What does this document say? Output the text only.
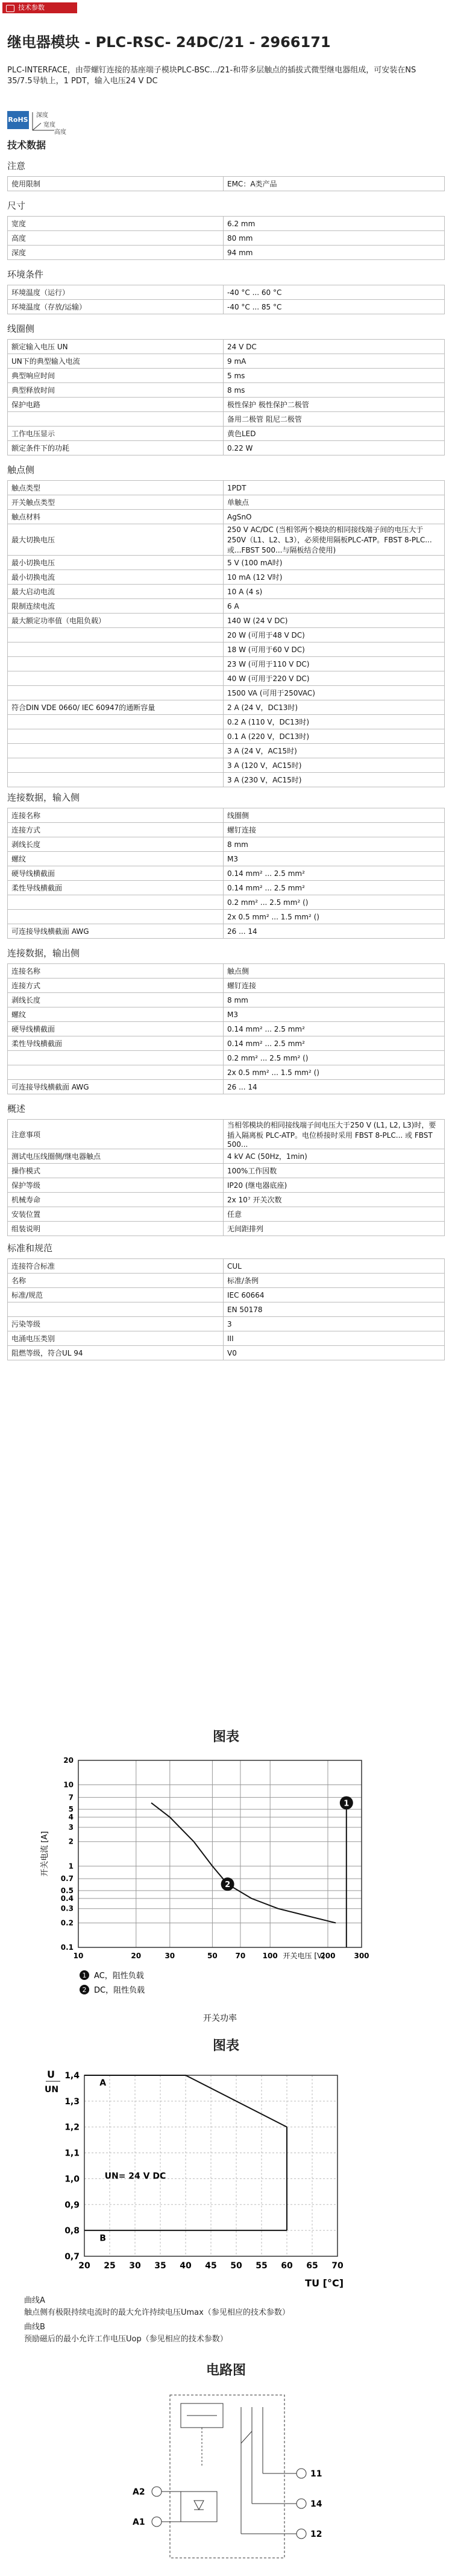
技术参数
继电器模块 - PLC-RSC- 24DC/21 - 2966171
PLC-INTERFACE，由带螺钉连接的基座端子模块PLC-BSC.../21-和带多层触点的插拔式微型继电器组成，可安装在NS 35/7.5导轨上，1 PDT，输入电压24 V DC
RoHS
深度
宽度
高度
技术数据
注意
使用限制	EMC：A类产品
尺寸
宽度	6.2 mm
高度	80 mm
深度	94 mm
环境条件
环境温度（运行）	-40 °C ... 60 °C
环境温度（存放/运输）	-40 °C ... 85 °C
线圈侧
额定输入电压 UN	24 V DC
UN下的典型输入电流	9 mA
典型响应时间	5 ms
典型释放时间	8 ms
保护电路	极性保护 极性保护二极管
	备用二极管 阻尼二极管
工作电压显示	黄色LED
额定条件下的功耗	0.22 W
触点侧
触点类型	1PDT
开关触点类型	单触点
触点材料	AgSnO
最大切换电压	250 V AC/DC (当相邻两个模块的相同接线端子间的电压大于250V（L1、L2、L3），必须使用隔板PLC-ATP。FBST 8-PLC... 或...FBST 500...与隔板结合使用)
最小切换电压	5 V (100 mA时)
最小切换电流	10 mA (12 V时)
最大启动电流	10 A (4 s)
限制连续电流	6 A
最大额定功率值（电阻负载）	140 W (24 V DC)
	20 W (可用于48 V DC)
	18 W (可用于60 V DC)
	23 W (可用于110 V DC)
	40 W (可用于220 V DC)
	1500 VA (可用于250VAC)
符合DIN VDE 0660/ IEC 60947的通断容量	2 A (24 V，DC13时)
	0.2 A (110 V，DC13时)
	0.1 A (220 V，DC13时)
	3 A (24 V，AC15时)
	3 A (120 V，AC15时)
	3 A (230 V，AC15时)
连接数据，输入侧
连接名称	线圈侧
连接方式	螺钉连接
剥线长度	8 mm
螺纹	M3
硬导线横截面	0.14 mm² ... 2.5 mm²
柔性导线横截面	0.14 mm² ... 2.5 mm²
	0.2 mm² ... 2.5 mm² ()
	2x 0.5 mm² ... 1.5 mm² ()
可连接导线横截面 AWG	26 ... 14
连接数据，输出侧
连接名称	触点侧
连接方式	螺钉连接
剥线长度	8 mm
螺纹	M3
硬导线横截面	0.14 mm² ... 2.5 mm²
柔性导线横截面	0.14 mm² ... 2.5 mm²
	0.2 mm² ... 2.5 mm² ()
	2x 0.5 mm² ... 1.5 mm² ()
可连接导线横截面 AWG	26 ... 14
概述
注意事项	当相邻模块的相同接线端子间电压大于250 V (L1, L2, L3)时，要插入隔离板 PLC-ATP。电位桥接时采用 FBST 8-PLC... 或 FBST 500...
测试电压线圈侧/继电器触点	4 kV AC (50Hz，1min)
操作模式	100%工作因数
保护等级	IP20 (继电器底座)
机械寿命	2x 10⁷ 开关次数
安装位置	任意
组装说明	无间距排列
标准和规范
连接符合标准	CUL
名称	标准/条例
标准/规范	IEC 60664
	EN 50178
污染等级	3
电涌电压类别	III
阻燃等级，符合UL 94	V0
图表
0.1
0.2
0.3
0.4
0.5
0.7
1
2
3
4
5
7
10
20
10	20	30	50 70 100	200	300
1
2
开关电流 [A]
开关电压 [V]
1 AC，阻性负载
2 DC，阻性负载
开关功率
图表
0,7
0,8
0,9
1,0
1,1
1,2
1,3
1,4
20 25 30 35 40 45 50 55 60 65 70
A
B
UN= 24 V DC
U
UN
TU [°C]
曲线A
触点侧有极限持续电流时的最大允许持续电压Umax（参见相应的技术参数）
曲线B
预励磁后的最小允许工作电压Uop（参见相应的技术参数）
电路图
A2
A1
11
14
12
